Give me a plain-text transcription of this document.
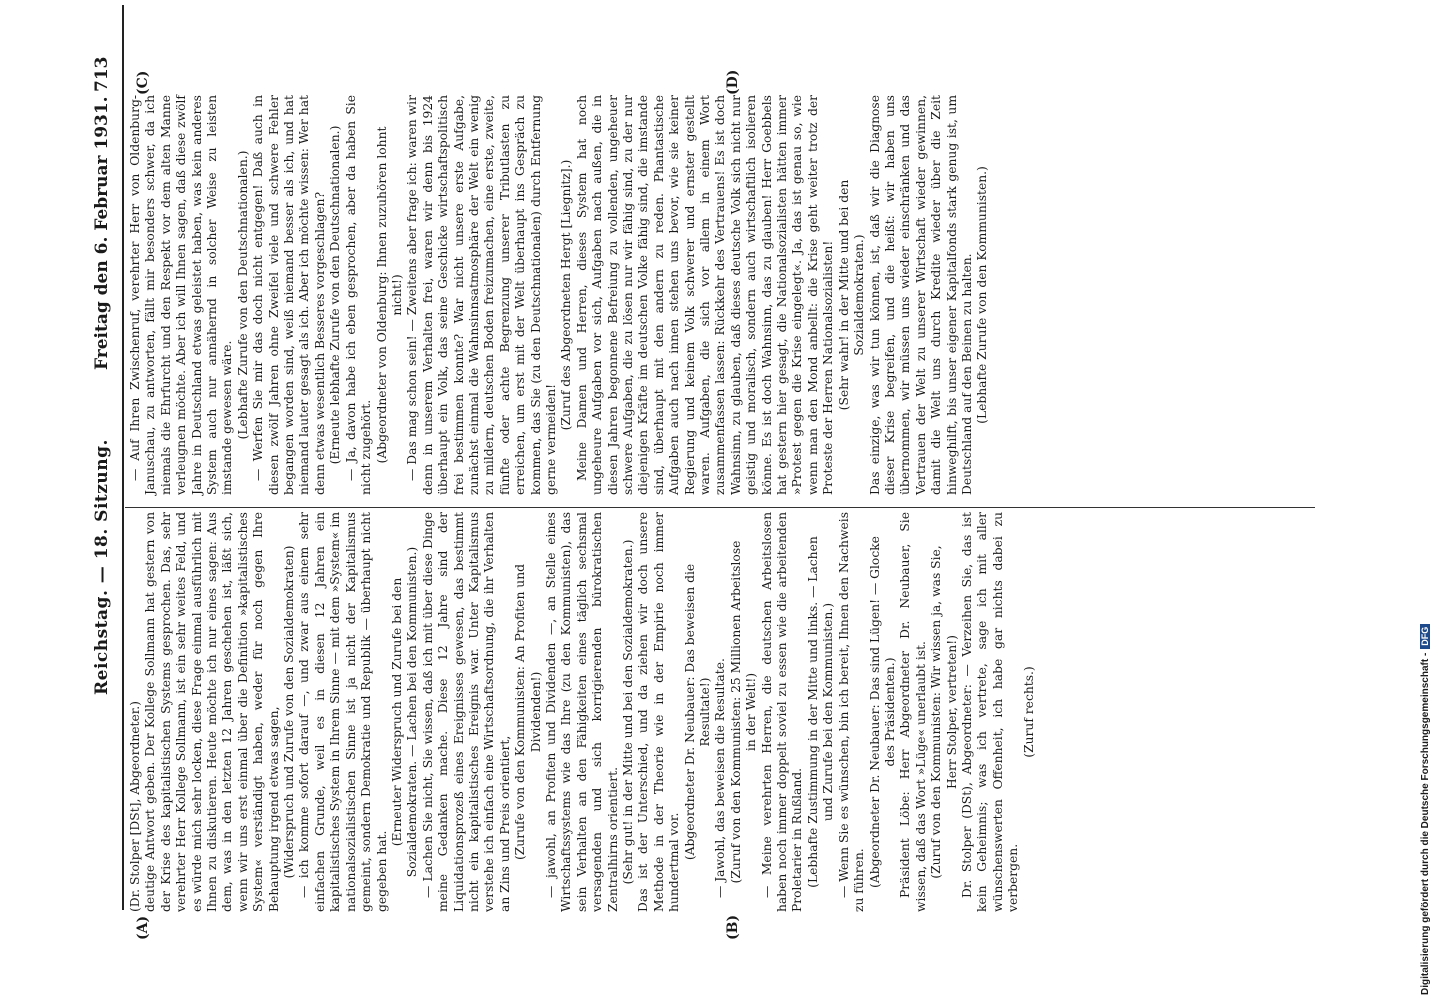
Reichstag. — 18. Sitzung.
Freitag den 6. Februar 1931.
713
(A)	(B)
(C)	(D)

(Dr. Stolper [DSt], Abgeordneter.) deutige Antwort geben. Der Kollege Sollmann hat gestern von der Krise des kapitalistischen Systems gesprochen. Das, sehr verehrter Herr Kollege Sollmann, ist ein sehr weites Feld, und es würde mich sehr locken, diese Frage einmal ausführlich mit Ihnen zu diskutieren. Heute möchte ich nur eines sagen: Aus dem, was in den letzten 12 Jahren geschehen ist, läßt sich, wenn wir uns erst einmal über die Definition »kapitalistisches System« verständigt haben, weder für noch gegen Ihre Behauptung irgend etwas sagen, (Widerspruch und Zurufe von den Sozialdemokraten) — ich komme sofort darauf —, und zwar aus einem sehr einfachen Grunde, weil es in diesen 12 Jahren ein kapitalistisches System in Ihrem Sinne — mit dem »System« im nationalsozialistischen Sinne ist ja nicht der Kapitalismus gemeint, sondern Demokratie und Republik — überhaupt nicht gegeben hat.

(Erneuter Widerspruch und Zurufe bei den Sozialdemokraten. — Lachen bei den Kommunisten.) — Lachen Sie nicht, Sie wissen, daß ich mit über diese Dinge meine Gedanken mache. Diese 12 Jahre sind der Liquidationsprozeß eines Ereignisses gewesen, das bestimmt nicht ein kapitalistisches Ereignis war. Unter Kapitalismus verstehe ich einfach eine Wirtschaftsordnung, die ihr Verhalten an Zins und Preis orientiert, (Zurufe von den Kommunisten: An Profiten und Dividenden!) — jawohl, an Profiten und Dividenden —, an Stelle eines Wirtschaftssystems wie das Ihre (zu den Kommunisten), das sein Verhalten an den Fähigkeiten eines täglich sechsmal versagenden und sich korrigierenden bürokratischen Zentralhirns orientiert. (Sehr gut! in der Mitte und bei den Sozialdemokraten.) Das ist der Unterschied, und da ziehen wir doch unsere Methode in der Theorie wie in der Empirie noch immer hundertmal vor.

(Abgeordneter Dr. Neubauer: Das beweisen die Resultate!) — Jawohl, das beweisen die Resultate. (Zuruf von den Kommunisten: 25 Millionen Arbeitslose in der Welt!) — Meine verehrten Herren, die deutschen Arbeitslosen haben noch immer doppelt soviel zu essen wie die arbeitenden Proletarier in Rußland. (Lebhafte Zustimmung in der Mitte und links. — Lachen und Zurufe bei den Kommunisten.) — Wenn Sie es wünschen, bin ich bereit, Ihnen den Nachweis zu führen. (Abgeordneter Dr. Neubauer: Das sind Lügen! — Glocke des Präsidenten.) Präsident Löbe: Herr Abgeordneter Dr. Neubauer, Sie wissen, daß das Wort »Lüge« unerlaubt ist. (Zuruf von den Kommunisten: Wir wissen ja, was Sie, Herr Stolper, vertreten!) Dr. Stolper (DSt), Abgeordneter: — Verzeihen Sie, das ist kein Geheimnis; was ich vertrete, sage ich mit aller wünschenswerten Offenheit, ich habe gar nichts dabei zu verbergen.

(Zuruf rechts.)

— Auf Ihren Zwischenruf, verehrter Herr von Oldenburg-Januschau, zu antworten, fällt mir besonders schwer, da ich niemals die Ehrfurcht und den Respekt vor dem alten Manne verleugnen möchte. Aber ich will Ihnen sagen, daß diese zwölf Jahre in Deutschland etwas geleistet haben, was kein anderes System auch nur annähernd in solcher Weise zu leisten imstande gewesen wäre. (Lebhafte Zurufe von den Deutschnationalen.) — Werfen Sie mir das doch nicht entgegen! Daß auch in diesen zwölf Jahren ohne Zweifel viele und schwere Fehler begangen worden sind, weiß niemand besser als ich, und hat niemand lauter gesagt als ich. Aber ich möchte wissen: Wer hat denn etwas wesentlich Besseres vorgeschlagen? (Erneute lebhafte Zurufe von den Deutschnationalen.) — Ja, davon habe ich eben gesprochen, aber da haben Sie nicht zugehört. (Abgeordneter von Oldenburg: Ihnen zuzuhören lohnt nicht!) — Das mag schon sein! — Zweitens aber frage ich: waren wir denn in unserem Verhalten frei, waren wir denn bis 1924 überhaupt ein Volk, das seine Geschicke wirtschaftspolitisch frei bestimmen konnte? War nicht unsere erste Aufgabe, zunächst einmal die Wahnsinnsatmosphäre der Welt ein wenig zu mildern, deutschen Boden freizumachen, eine erste, zweite, fünfte oder achte Begrenzung unserer Tributlasten zu erreichen, um erst mit der Welt überhaupt ins Gespräch zu kommen, das Sie (zu den Deutschnationalen) durch Entfernung gerne vermeiden!

(Zuruf des Abgeordneten Hergt [Liegnitz].) Meine Damen und Herren, dieses System hat noch ungeheure Aufgaben vor sich, Aufgaben nach außen, die in diesen Jahren begonnene Befreiung zu vollenden, ungeheuer schwere Aufgaben, die zu lösen nur wir fähig sind, zu der nur diejenigen Kräfte im deutschen Volke fähig sind, die imstande sind, überhaupt mit den andern zu reden. Phantastische Aufgaben auch nach innen stehen uns bevor, wie sie keiner Regierung und keinem Volk schwerer und ernster gestellt waren. Aufgaben, die sich vor allem in einem Wort zusammenfassen lassen: Rückkehr des Vertrauens! Es ist doch Wahnsinn, zu glauben, daß dieses deutsche Volk sich nicht nur geistig und moralisch, sondern auch wirtschaftlich isolieren könne. Es ist doch Wahnsinn, das zu glauben! Herr Goebbels hat gestern hier gesagt, die Nationalsozialisten hätten immer »Protest gegen die Krise eingelegt«. Ja, das ist genau so, wie wenn man den Mond anbellt: die Krise geht weiter trotz der Proteste der Herren Nationalsozialisten! (Sehr wahr! in der Mitte und bei den Sozialdemokraten.) Das einzige, was wir tun können, ist, daß wir die Diagnose dieser Krise begreifen, und die heißt: wir haben uns übernommen, wir müssen uns wieder einschränken und das Vertrauen der Welt zu unserer Wirtschaft wieder gewinnen, damit die Welt uns durch Kredite wieder über die Zeit hinweghilft, bis unser eigener Kapitalfonds stark genug ist, um Deutschland auf den Beinen zu halten. (Lebhafte Zurufe von den Kommunisten.)

Digitalisierung gefördert durch die Deutsche Forschungsgemeinschaft -DFG
